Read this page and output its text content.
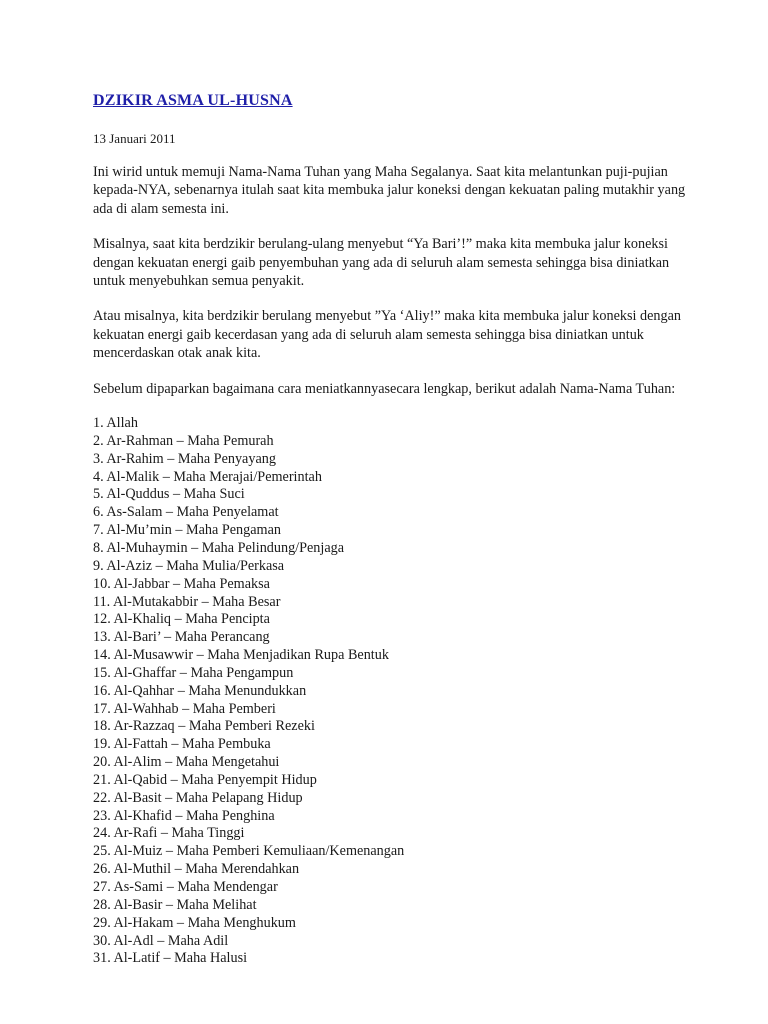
DZIKIR ASMA UL-HUSNA
13 Januari 2011

Ini wirid untuk memuji Nama-Nama Tuhan yang Maha Segalanya. Saat kita melantunkan puji-pujian kepada-NYA, sebenarnya itulah saat kita membuka jalur koneksi dengan kekuatan paling mutakhir yang ada di alam semesta ini.

Misalnya, saat kita berdzikir berulang-ulang menyebut “Ya Bari’!” maka kita membuka jalur koneksi dengan kekuatan energi gaib penyembuhan yang ada di seluruh alam semesta sehingga bisa diniatkan untuk menyebuhkan semua penyakit.

Atau misalnya, kita berdzikir berulang menyebut ”Ya ‘Aliy!” maka kita membuka jalur koneksi dengan kekuatan energi gaib kecerdasan yang ada di seluruh alam semesta sehingga bisa diniatkan untuk mencerdaskan otak anak kita.

Sebelum dipaparkan bagaimana cara meniatkannyasecara lengkap, berikut adalah Nama-Nama Tuhan:

1. Allah
2. Ar-Rahman – Maha Pemurah
3. Ar-Rahim – Maha Penyayang
4. Al-Malik – Maha Merajai/Pemerintah
5. Al-Quddus – Maha Suci
6. As-Salam – Maha Penyelamat
7. Al-Mu’min – Maha Pengaman
8. Al-Muhaymin – Maha Pelindung/Penjaga
9. Al-Aziz – Maha Mulia/Perkasa
10. Al-Jabbar – Maha Pemaksa
11. Al-Mutakabbir – Maha Besar
12. Al-Khaliq – Maha Pencipta
13. Al-Bari’ – Maha Perancang
14. Al-Musawwir – Maha Menjadikan Rupa Bentuk
15. Al-Ghaffar – Maha Pengampun
16. Al-Qahhar – Maha Menundukkan
17. Al-Wahhab – Maha Pemberi
18. Ar-Razzaq – Maha Pemberi Rezeki
19. Al-Fattah – Maha Pembuka
20. Al-Alim – Maha Mengetahui
21. Al-Qabid – Maha Penyempit Hidup
22. Al-Basit – Maha Pelapang Hidup
23. Al-Khafid – Maha Penghina
24. Ar-Rafi – Maha Tinggi
25. Al-Muiz – Maha Pemberi Kemuliaan/Kemenangan
26. Al-Muthil – Maha Merendahkan
27. As-Sami – Maha Mendengar
28. Al-Basir – Maha Melihat
29. Al-Hakam – Maha Menghukum
30. Al-Adl – Maha Adil
31. Al-Latif – Maha Halusi
